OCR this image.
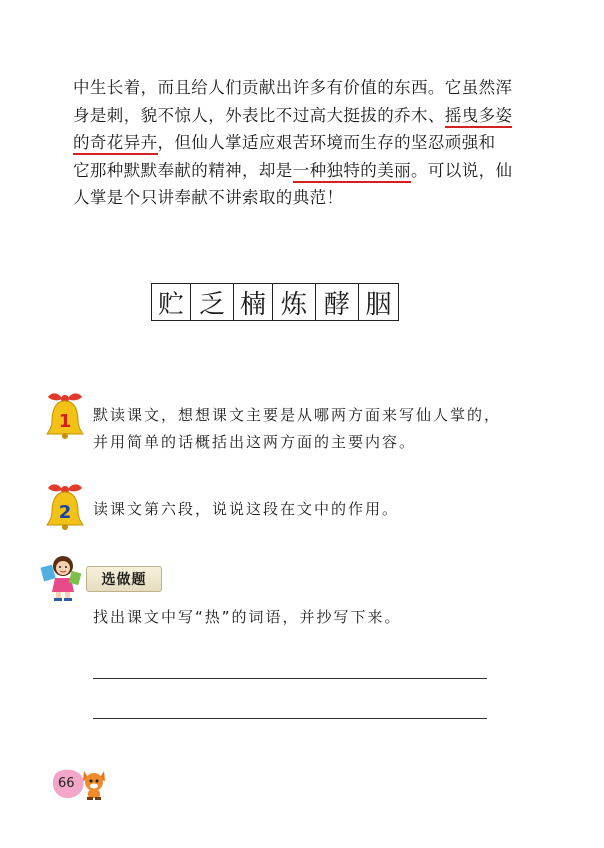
中生长着，而且给人们贡献出许多有价值的东西。它虽然浑
身是刺，貌不惊人，外表比不过高大挺拔的乔木、摇曳多姿
的奇花异卉，但仙人掌适应艰苦环境而生存的坚忍顽强和
它那种默默奉献的精神，却是一种独特的美丽。可以说，仙
人掌是个只讲奉献不讲索取的典范！
贮 乏 楠 炼 酵 胭
1 默读课文，想想课文主要是从哪两方面来写仙人掌的，
并用简单的话概括出这两方面的主要内容。
2 读课文第六段，说说这段在文中的作用。
选做题
找出课文中写“热”的词语，并抄写下来。
66
